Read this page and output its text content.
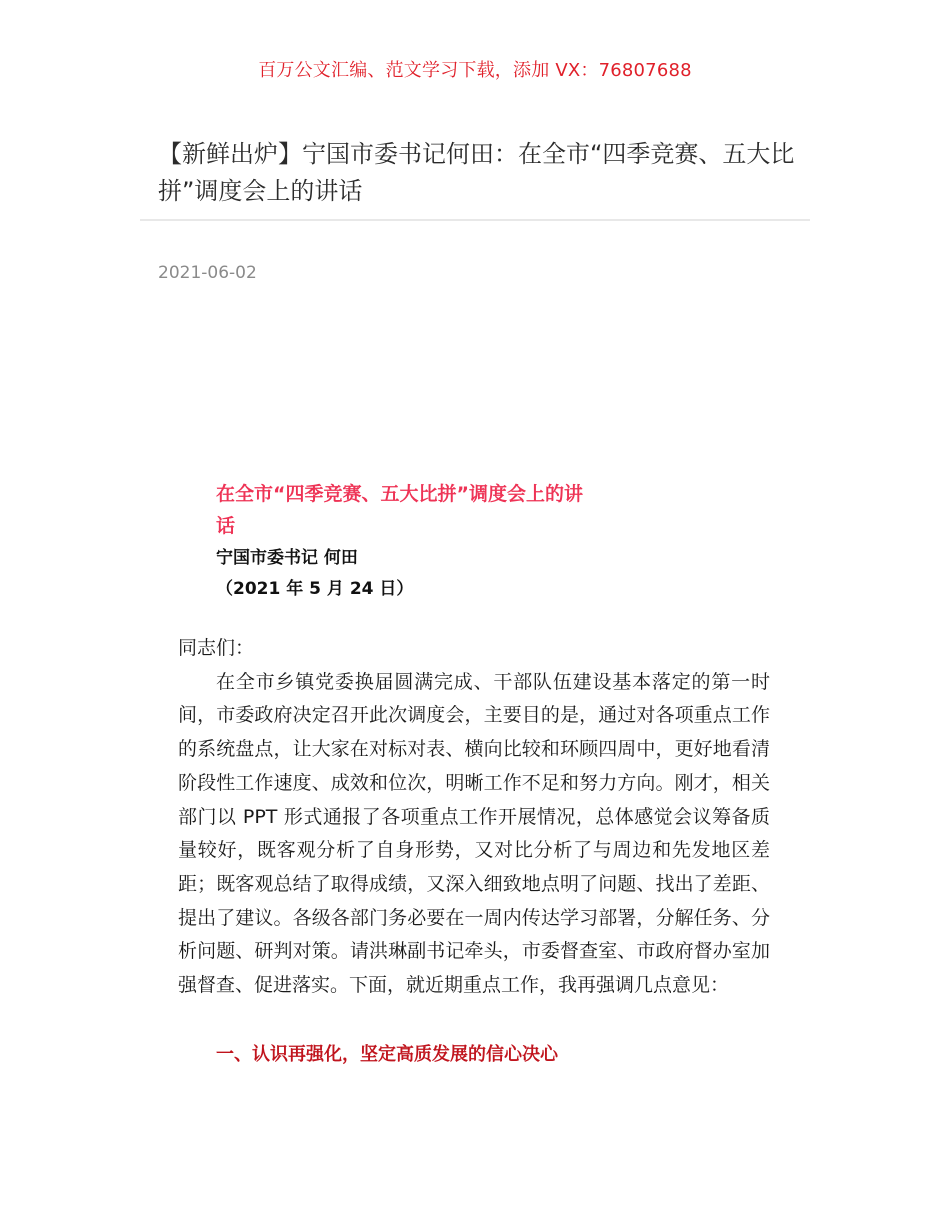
百万公文汇编、范文学习下载，添加 VX：76807688
【新鲜出炉】宁国市委书记何田：在全市“四季竞赛、五大比拼”调度会上的讲话
2021-06-02
在全市“四季竞赛、五大比拼”调度会上的讲话
宁国市委书记 何田
（2021 年 5 月 24 日）

同志们：

在全市乡镇党委换届圆满完成、干部队伍建设基本落定的第一时间，市委政府决定召开此次调度会，主要目的是，通过对各项重点工作的系统盘点，让大家在对标对表、横向比较和环顾四周中，更好地看清阶段性工作速度、成效和位次，明晰工作不足和努力方向。刚才，相关部门以 PPT 形式通报了各项重点工作开展情况，总体感觉会议筹备质量较好，既客观分析了自身形势，又对比分析了与周边和先发地区差距；既客观总结了取得成绩，又深入细致地点明了问题、找出了差距、提出了建议。各级各部门务必要在一周内传达学习部署，分解任务、分析问题、研判对策。请洪琳副书记牵头，市委督查室、市政府督办室加强督查、促进落实。下面，就近期重点工作，我再强调几点意见：

一、认识再强化，坚定高质发展的信心决心
